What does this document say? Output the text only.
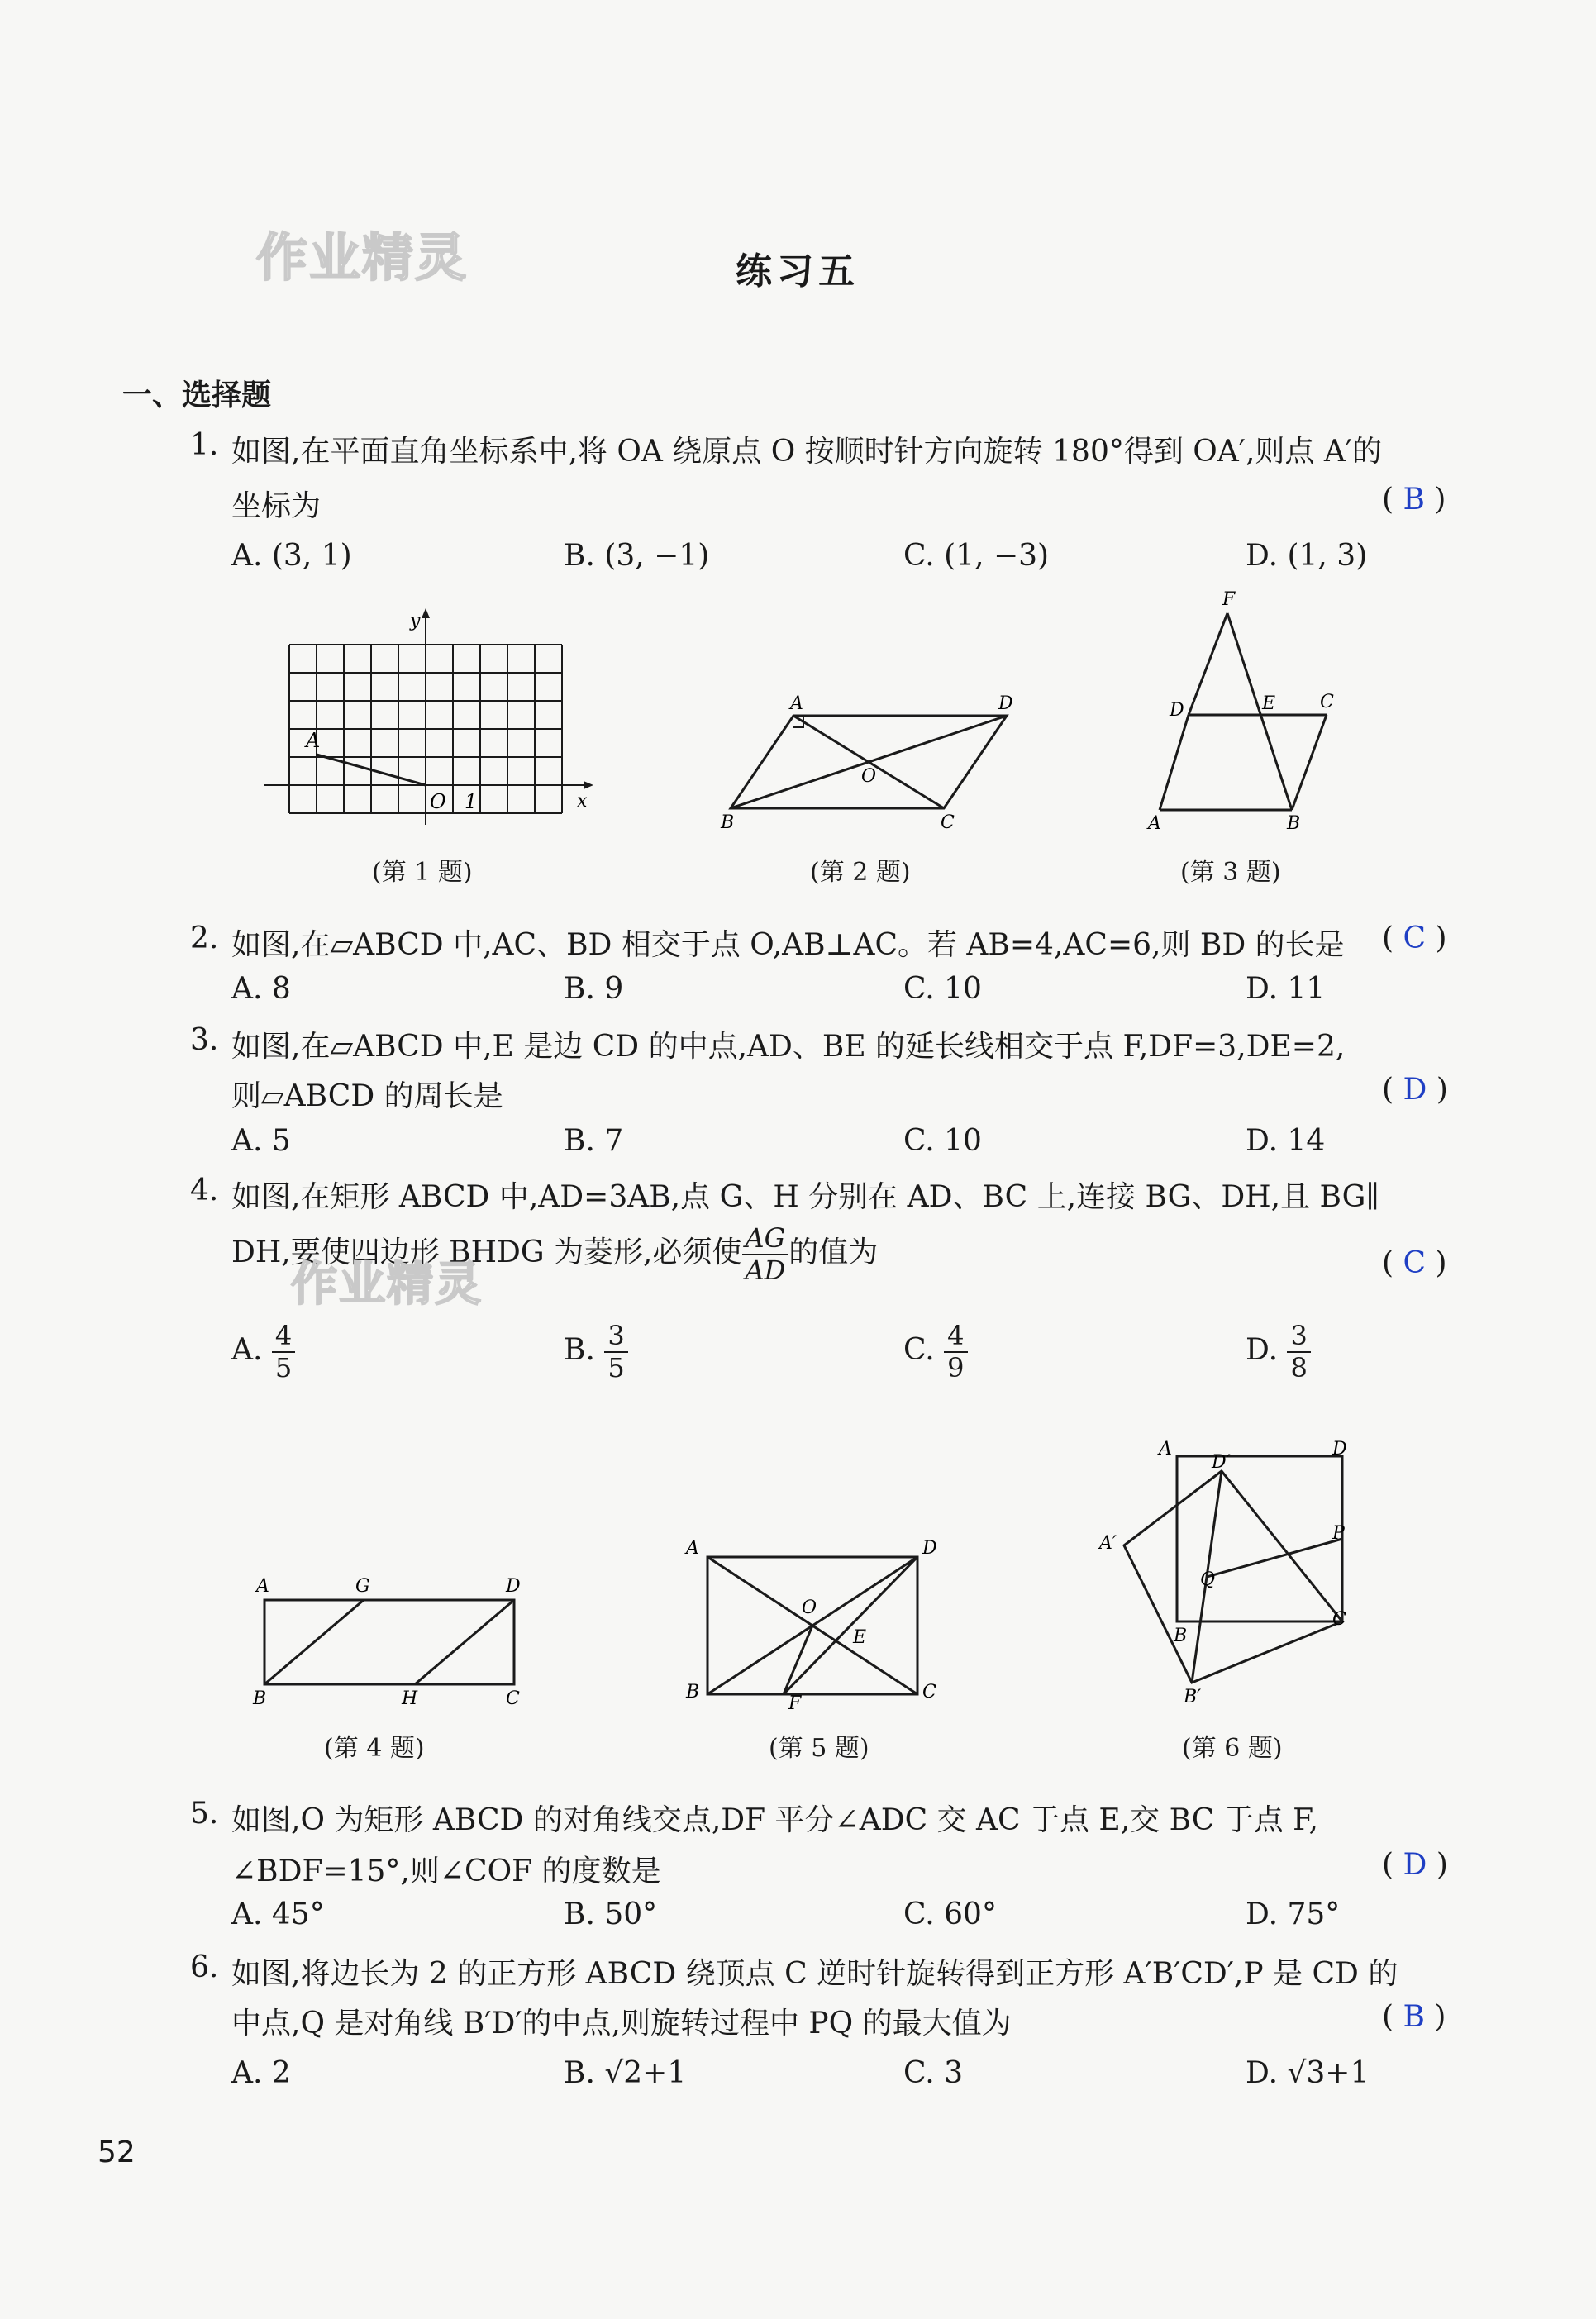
作业精灵	练习五
一、选择题
1. 如图,在平面直角坐标系中,将 OA 绕原点 O 按顺时针方向旋转 180°得到 OA′,则点 A′的
坐标为	( B )
A. (3, 1)	B. (3, −1)	C. (1, −3)	D. (1, 3)
y
x
A
O 1
(第 1 题)
A	D
O
B	C
(第 2 题)
F
D	E C
A	B
(第 3 题)
2. 如图,在▱ABCD 中,AC、BD 相交于点 O,AB⊥AC。若 AB=4,AC=6,则 BD 的长是 ( C )
A. 8	B. 9	C. 10	D. 11
3. 如图,在▱ABCD 中,E 是边 CD 的中点,AD、BE 的延长线相交于点 F,DF=3,DE=2,
则▱ABCD 的周长是	( D )
A. 5	B. 7	C. 10	D. 14
4. 如图,在矩形 ABCD 中,AD=3AB,点 G、H 分别在 AD、BC 上,连接 BG、DH,且 BG∥
DH,要使四边形 BHDG 为菱形,必须使 $\frac{AG}{AD}$ 的值为
作业精灵	( C )
A. $\frac{4}{5}$	B. $\frac{3}{5}$	C. $\frac{4}{9}$	D. $\frac{3}{8}$
A	G	D
B	H	C
(第 4 题)
A	D
O
E
B
F
C
(第 5 题)
A
D′
D
P
A′
Q
B
C
B′
(第 6 题)
5. 如图,O 为矩形 ABCD 的对角线交点,DF 平分∠ADC 交 AC 于点 E,交 BC 于点 F,
∠BDF=15°,则∠COF 的度数是	( D )
A. 45°	B. 50°	C. 60°	D. 75°
6. 如图,将边长为 2 的正方形 ABCD 绕顶点 C 逆时针旋转得到正方形 A′B′CD′,P 是 CD 的
中点,Q 是对角线 B′D′的中点,则旋转过程中 PQ 的最大值为	( B )
A. 2	B. √2+1	C. 3	D. √3+1
52
